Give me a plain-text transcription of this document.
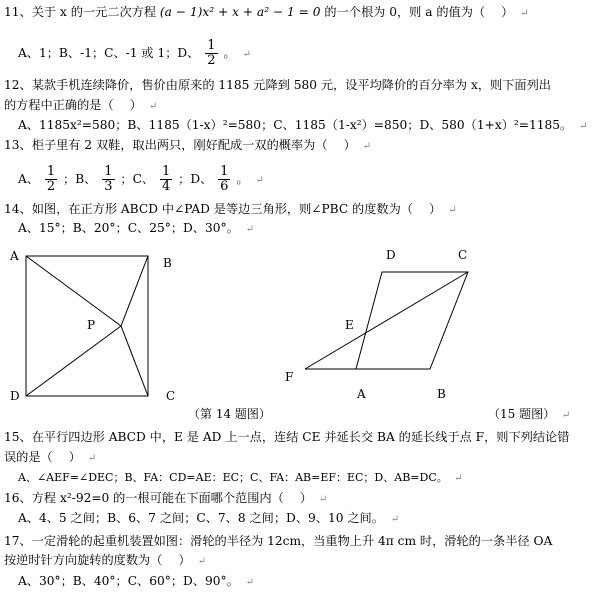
11、关于 x 的一元二次方程 (a − 1)x² + x + a² − 1 = 0 的一个根为 0，则 a 的值为（　 ） ↵
A、1；B、-1；C、-1 或 1；D、 $\frac{1}{2}$ 。 ↵
12、某款手机连续降价，售价由原来的 1185 元降到 580 元，设平均降价的百分率为 x，则下面列出
的方程中正确的是（　 ） ↵
A、1185x²=580；B、1185（1-x）²=580；C、1185（1-x²）=850；D、580（1+x）²=1185。 ↵
13、柜子里有 2 双鞋，取出两只，刚好配成一双的概率为（　 ） ↵
A、 $\frac{1}{2}$ ；B、 $\frac{1}{3}$ ；C、 $\frac{1}{4}$ ；D、 $\frac{1}{6}$ 。 ↵
14、如图，在正方形 ABCD 中∠PAD 是等边三角形，则∠PBC 的度数为（　 ） ↵
A、15°；B、20°；C、25°；D、30°。 ↵
A	B
C
D
P
D	C
E
F
A	B
（第 14 题图）	（15 题图） ↵
15、在平行四边形 ABCD 中，E 是 AD 上一点，连结 CE 并延长交 BA 的延长线于点 F，则下列结论错
误的是（　 ） ↵
A、∠AEF=∠DEC；B、FA：CD=AE：EC；C、FA：AB=EF：EC；D、AB=DC。 ↵
16、方程 x²-92=0 的一根可能在下面哪个范围内（　 ） ↵
A、4、5 之间；B、6、7 之间；C、7、8 之间；D、9、10 之间。 ↵
17、一定滑轮的起重机装置如图：滑轮的半径为 12cm，当重物上升 4π cm 时，滑轮的一条半径 OA
按逆时针方向旋转的度数为（　 ） ↵
A、30°；B、40°；C、60°；D、90°。 ↵
